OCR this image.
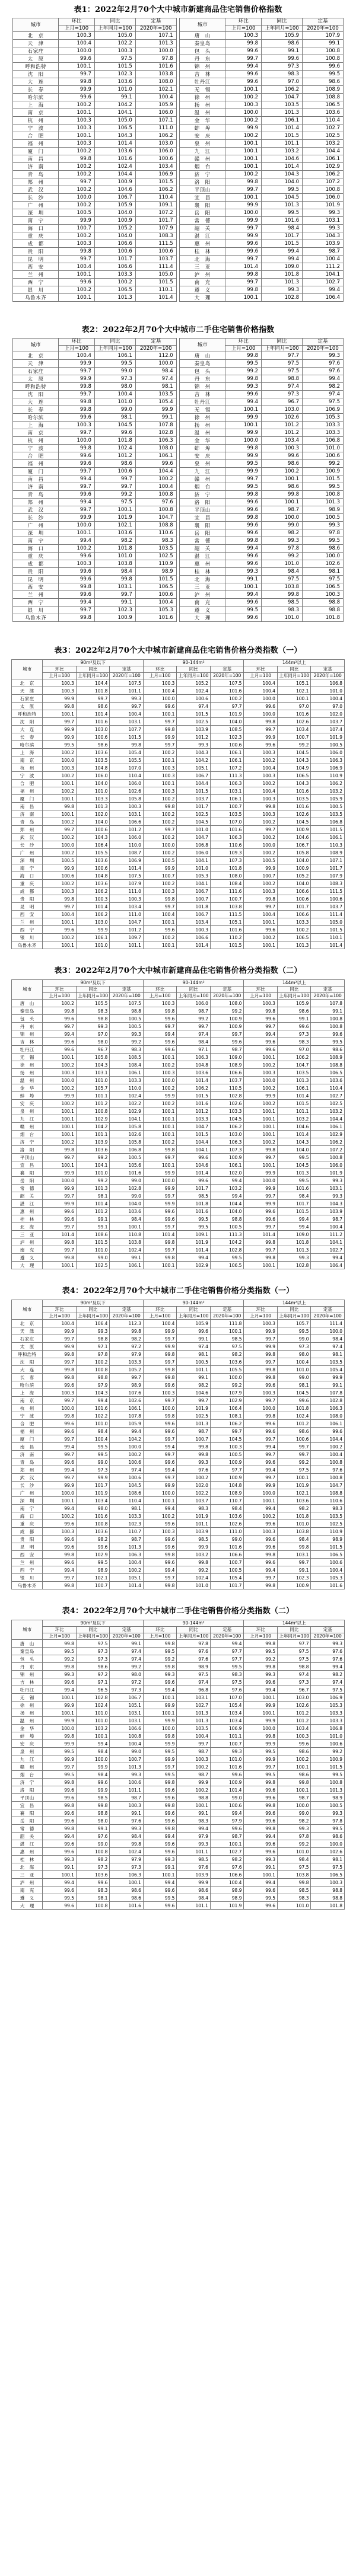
表1：2022年2月70个大中城市新建商品住宅销售价格指数
城市	环比	同比	定基		城市	环比	同比	定基
	上月=100	上年同月=100	2020年=100			上月=100	上年同月=100	2020年=100
北　京	100.3	105.0	107.1		唐　山	100.3	105.9	107.9
天　津	100.4	102.2	101.3		秦皇岛	99.8	98.6	99.1
石家庄	100.0	100.3	100.0		包　头	99.6	99.1	100.8
太　原	99.6	97.5	97.8		丹　东	99.7	99.6	100.8
呼和浩特	100.1	101.5	101.6		锦　州	99.4	97.3	99.6
沈　阳	99.7	102.3	103.8		吉　林	99.6	98.3	99.5
大　连	99.8	103.6	108.0		牡丹江	99.6	97.0	98.6
长　春	99.9	101.0	102.1		无　锡	100.1	106.2	108.9
哈尔滨	99.6	99.1	100.4		徐　州	100.2	104.7	108.8
上　海	100.2	104.2	105.9		扬　州	100.3	103.5	106.5
南　京	100.1	104.1	106.0		温　州	100.0	101.3	103.6
杭　州	100.3	105.0	107.1		金　华	100.2	106.1	110.4
宁　波	100.3	106.5	111.0		蚌　埠	99.9	101.4	102.7
合　肥	100.1	104.3	106.2		安　庆	100.2	101.5	102.5
福　州	100.3	101.4	103.0		泉　州	100.1	101.1	103.2
厦　门	100.2	103.6	106.0		九　江	100.1	103.2	104.4
南　昌	99.8	101.6	100.6		赣　州	100.1	104.6	106.1
济　南	100.2	102.4	103.4		烟　台	100.1	101.4	102.9
青　岛	100.2	104.4	106.9		济　宁	100.2	104.3	106.2
郑　州	99.7	100.9	101.5		洛　阳	99.8	104.0	107.2
武　汉	100.2	104.6	106.2		平顶山	99.7	99.5	100.8
长　沙	100.0	106.7	110.4		宜　昌	100.1	104.5	106.0
广　州	100.2	105.9	109.1		襄　阳	99.9	101.3	101.9
深　圳	100.5	104.0	107.2		岳　阳	100.0	99.5	99.3
南　宁	99.9	100.9	101.7		常　德	99.9	101.6	103.1
海　口	100.7	105.2	107.9		韶　关	99.7	98.4	99.3
重　庆	100.2	104.0	108.3		湛　江	99.9	101.7	104.3
成　都	100.3	106.6	111.5		惠　州	99.6	101.5	103.9
贵　阳	99.8	100.6	100.6		桂　林	99.6	99.4	98.7
昆　明	99.7	101.7	103.7		北　海	99.7	99.4	100.4
西　安	100.4	106.6	111.4		三　亚	101.4	109.0	111.2
兰　州	100.1	103.3	105.0		泸　州	99.8	101.8	104.1
西　宁	99.6	100.2	101.5		南　充	99.7	101.3	102.7
银　川	100.2	106.5	110.1		遵　义	99.8	99.3	99.4
乌鲁木齐	100.1	101.3	101.4		大　理	100.1	102.8	106.4
表2：2022年2月70个大中城市二手住宅销售价格指数
城市	环比	同比	定基		城市	环比	同比	定基
	上月=100	上年同月=100	2020年=100			上月=100	上年同月=100	2020年=100
北　京	100.4	106.1	112.0		唐　山	99.8	97.7	99.3
天　津	99.9	99.5	100.0		秦皇岛	99.5	97.5	97.6
石家庄	99.7	99.0	98.4		包　头	99.2	97.5	97.6
太　原	99.9	97.3	97.4		丹　东	99.8	98.8	99.4
呼和浩特	99.8	98.0	98.1		锦　州	99.3	97.4	98.2
沈　阳	99.7	100.4	103.5		吉　林	99.6	97.3	97.4
大　连	99.8	101.0	105.4		牡丹江	99.4	96.7	97.5
长　春	99.8	99.0	99.9		无　锡	100.1	103.0	106.9
哈尔滨	99.6	98.1	99.1		徐　州	99.9	102.6	105.3
上　海	100.3	104.5	107.8		扬　州	100.1	101.2	103.3
南　京	99.7	99.6	102.8		温　州	99.9	101.2	103.3
杭　州	100.0	101.8	106.3		金　华	100.0	103.4	106.8
宁　波	99.8	102.4	108.0		蚌　埠	99.8	100.3	101.0
合　肥	99.6	101.2	106.1		安　庆	99.9	99.6	100.6
福　州	99.6	98.6	99.6		泉　州	99.5	98.6	99.2
厦　门	99.7	100.6	104.4		九　江	99.9	100.2	100.9
南　昌	99.4	99.7	100.2		赣　州	99.7	100.1	101.5
济　南	99.7	99.7	100.4		烟　台	99.5	98.6	99.5
青　岛	99.6	99.2	100.8		济　宁	99.8	99.8	100.8
郑　州	99.4	97.5	97.6		洛　阳	99.6	100.1	101.3
武　汉	99.7	100.1	100.8		平顶山	99.6	98.7	98.9
长　沙	99.9	101.9	104.7		宜　昌	99.8	100.0	100.5
广　州	100.0	102.1	108.8		襄　阳	99.6	99.0	99.3
深　圳	100.1	103.6	110.6		岳　阳	99.6	98.2	97.8
南　宁	99.4	98.2	98.3		常　德	99.8	99.3	99.5
海　口	100.2	101.8	103.5		韶　关	99.4	97.8	98.6
重　庆	99.6	101.0	102.5		湛　江	99.6	99.2	100.0
成　都	100.3	103.8	110.9		惠　州	99.6	101.0	102.6
贵　阳	99.6	98.4	98.9		桂　林	99.3	98.4	98.1
昆　明	99.6	99.8	101.5		北　海	99.1	97.5	97.5
西　安	99.8	103.1	106.5		三　亚	100.1	103.8	106.5
兰　州	99.6	99.7	100.6		泸　州	99.4	99.8	100.3
西　宁	99.4	99.1	100.4		南　充	99.6	98.5	98.8
银　川	99.7	102.3	105.3		遵　义	99.5	98.3	98.8
乌鲁木齐	99.8	100.9	101.6		大　理	99.6	101.0	101.8
表3：2022年2月70个大中城市新建商品住宅销售价格分类指数（一）
城市	90m²及以下			90-144m²			144m²以上		
	环比	同比	定基	环比	同比	定基	环比	同比	定基
	上月=100	上年同月=100	2020年=100	上月=100	上年同月=100	2020年=100	上月=100	上年同月=100	2020年=100
北　京	100.3	104.4	107.5	100.3	105.2	107.5	100.4	105.1	106.8
天　津	100.3	101.8	101.1	100.4	102.4	101.6	100.4	102.1	101.0
石家庄	99.9	99.7	99.3	100.0	100.6	100.2	100.0	100.1	100.4
太　原	99.8	98.6	99.7	99.6	97.4	97.7	99.6	97.0	97.0
呼和浩特	100.1	101.4	100.4	100.1	101.5	101.9	100.0	101.6	102.0
沈　阳	99.7	101.6	103.1	99.7	102.5	104.0	99.8	102.6	103.7
大　连	99.9	103.0	107.7	99.8	103.9	108.5	99.7	103.4	107.4
长　春	99.9	100.6	101.5	99.9	101.2	102.3	99.9	100.7	101.9
哈尔滨	99.5	98.6	99.8	99.7	99.3	100.6	99.6	99.2	100.5
上　海	100.2	103.6	105.4	100.2	104.3	106.1	100.3	104.5	106.0
南　京	100.0	103.5	105.5	100.1	104.2	106.1	100.2	104.3	106.3
杭　州	100.3	104.8	107.0	100.3	105.1	107.2	100.4	104.9	106.9
宁　波	100.2	106.0	110.4	100.3	106.7	111.3	100.3	106.5	110.9
合　肥	100.1	104.0	106.0	100.1	104.4	106.3	100.2	104.3	106.2
福　州	100.2	101.0	102.6	100.3	101.5	103.1	100.4	101.6	103.2
厦　门	100.1	103.3	105.8	100.2	103.7	106.1	100.3	103.5	105.9
南　昌	99.8	101.3	100.3	99.8	101.7	100.7	99.8	101.6	100.5
济　南	100.1	102.0	103.1	100.2	102.5	103.5	100.3	102.6	103.5
青　岛	100.2	104.0	106.6	100.2	104.5	107.0	100.2	104.5	106.8
郑　州	99.7	100.6	101.2	99.7	101.0	101.6	99.7	100.9	101.5
武　汉	100.2	104.3	106.0	100.2	104.7	106.3	100.2	104.6	106.1
长　沙	100.0	106.4	110.0	100.0	106.8	110.6	100.0	106.7	110.3
广　州	100.2	105.5	108.7	100.2	106.0	109.3	100.2	105.8	108.9
深　圳	100.5	103.6	106.9	100.5	104.1	107.3	100.5	104.0	107.1
南　宁	99.9	100.6	101.4	99.9	101.0	101.8	99.9	100.9	101.7
海　口	100.6	104.8	107.5	100.7	105.3	108.0	100.7	105.2	107.9
重　庆	100.2	103.6	107.9	100.2	104.1	108.4	100.2	104.0	108.3
成　都	100.3	106.2	111.0	100.3	106.7	111.6	100.3	106.6	111.5
贵　阳	99.8	100.3	100.3	99.8	100.7	100.7	99.8	100.6	100.6
昆　明	99.7	101.4	103.4	99.7	101.8	103.8	99.7	101.7	103.7
西　安	100.4	106.2	111.0	100.4	106.7	111.5	100.4	106.6	111.4
兰　州	100.1	103.0	104.7	100.1	103.4	105.1	100.1	103.3	105.0
西　宁	99.6	99.9	101.2	99.6	100.3	101.6	99.6	100.2	101.5
银　川	100.2	106.1	109.7	100.2	106.6	110.2	100.2	106.5	110.1
乌鲁木齐	100.1	101.0	101.1	100.1	101.4	101.5	100.1	101.3	101.4
表3：2022年2月70个大中城市新建商品住宅销售价格分类指数（二）
城市	90m²及以下			90-144m²			144m²以上		
	环比	同比	定基	环比	同比	定基	环比	同比	定基
	上月=100	上年同月=100	2020年=100	上月=100	上年同月=100	2020年=100	上月=100	上年同月=100	2020年=100
唐　山	100.2	105.5	107.5	100.3	106.0	108.0	100.3	105.9	107.8
秦皇岛	99.8	98.3	98.8	99.8	98.7	99.2	99.8	98.6	99.1
包　头	99.6	98.8	100.5	99.6	99.2	100.9	99.6	99.1	100.8
丹　东	99.7	99.3	100.5	99.7	99.7	100.9	99.7	99.6	100.8
锦　州	99.4	97.0	99.3	99.4	97.4	99.7	99.4	97.3	99.6
吉　林	99.6	98.0	99.2	99.6	98.4	99.6	99.6	98.3	99.5
牡丹江	99.6	96.7	98.3	99.6	97.1	98.7	99.6	97.0	98.6
无　锡	100.1	105.8	108.5	100.1	106.3	109.0	100.1	106.2	108.9
徐　州	100.2	104.3	108.4	100.2	104.8	108.9	100.2	104.7	108.8
扬　州	100.3	103.1	106.1	100.3	103.6	106.6	100.3	103.5	106.5
温　州	100.0	101.0	103.3	100.0	101.4	103.7	100.0	101.3	103.6
金　华	100.2	105.7	110.0	100.2	106.2	110.5	100.2	106.1	110.4
蚌　埠	99.9	101.1	102.4	99.9	101.5	102.8	99.9	101.4	102.7
安　庆	100.2	101.2	102.2	100.2	101.6	102.6	100.2	101.5	102.5
泉　州	100.1	100.8	102.9	100.1	101.2	103.3	100.1	101.1	103.2
九　江	100.1	102.9	104.1	100.1	103.3	104.5	100.1	103.2	104.4
赣　州	100.1	104.2	105.8	100.1	104.7	106.2	100.1	104.6	106.1
烟　台	100.1	101.1	102.6	100.1	101.5	103.0	100.1	101.4	102.9
济　宁	100.2	103.9	105.8	100.2	104.4	106.3	100.2	104.3	106.2
洛　阳	99.8	103.6	106.8	99.8	104.1	107.3	99.8	104.0	107.2
平顶山	99.7	99.2	100.5	99.7	99.6	100.9	99.7	99.5	100.8
宜　昌	100.1	104.1	105.6	100.1	104.6	106.1	100.1	104.5	106.0
襄　阳	99.9	101.0	101.6	99.9	101.4	102.0	99.9	101.3	101.9
岳　阳	100.0	99.2	99.0	100.0	99.6	99.4	100.0	99.5	99.3
常　德	99.9	101.3	102.8	99.9	101.7	103.2	99.9	101.6	103.1
韶　关	99.7	98.1	99.0	99.7	98.5	99.4	99.7	98.4	99.3
湛　江	99.9	101.4	104.0	99.9	101.8	104.4	99.9	101.7	104.3
惠　州	99.6	101.2	103.6	99.6	101.6	104.0	99.6	101.5	103.9
桂　林	99.6	99.1	98.4	99.6	99.5	98.8	99.6	99.4	98.7
北　海	99.7	99.1	100.1	99.7	99.5	100.5	99.7	99.4	100.4
三　亚	101.4	108.6	110.8	101.4	109.1	111.3	101.4	109.0	111.2
泸　州	99.8	101.5	103.8	99.8	101.9	104.2	99.8	101.8	104.1
南　充	99.7	101.0	102.4	99.7	101.4	102.8	99.7	101.3	102.7
遵　义	99.8	99.0	99.1	99.8	99.4	99.5	99.8	99.3	99.4
大　理	100.1	102.5	106.1	100.1	102.9	106.5	100.1	102.8	106.4
表4：2022年2月70个大中城市二手住宅销售价格分类指数（一）
城市	90m²及以下			90-144m²			144m²以上		
	环比	同比	定基	环比	同比	定基	环比	同比	定基
	上月=100	上年同月=100	2020年=100	上月=100	上年同月=100	2020年=100	上月=100	上年同月=100	2020年=100
北　京	100.4	106.4	112.3	100.4	105.9	111.8	100.3	105.7	111.4
天　津	99.9	99.3	99.8	99.9	99.6	100.1	99.9	99.5	100.0
石家庄	99.7	98.8	98.2	99.7	99.1	98.5	99.7	99.0	98.4
太　原	99.9	97.1	97.2	99.9	97.4	97.5	99.9	97.3	97.4
呼和浩特	99.8	97.8	97.9	99.8	98.1	98.2	99.8	98.0	98.1
沈　阳	99.7	100.2	103.3	99.7	100.5	103.6	99.7	100.4	103.5
大　连	99.8	100.8	105.2	99.8	101.1	105.5	99.8	101.0	105.4
长　春	99.8	98.8	99.7	99.8	99.1	100.0	99.8	99.0	99.9
哈尔滨	99.6	97.9	98.9	99.6	98.2	99.2	99.6	98.1	99.1
上　海	100.3	104.3	107.6	100.3	104.6	107.9	100.3	104.5	107.8
南　京	99.7	99.4	102.6	99.7	99.7	102.9	99.7	99.6	102.8
杭　州	100.0	101.6	106.1	100.0	101.9	106.4	100.0	101.8	106.3
宁　波	99.8	102.2	107.8	99.8	102.5	108.1	99.8	102.4	108.0
合　肥	99.6	101.0	105.9	99.6	101.3	106.2	99.6	101.2	106.1
福　州	99.6	98.4	99.4	99.6	98.7	99.7	99.6	98.6	99.6
厦　门	99.7	100.4	104.2	99.7	100.7	104.5	99.7	100.6	104.4
南　昌	99.4	99.5	100.0	99.4	99.8	100.3	99.4	99.7	100.2
济　南	99.7	99.5	100.2	99.7	99.8	100.5	99.7	99.7	100.4
青　岛	99.6	99.0	100.6	99.6	99.3	100.9	99.6	99.2	100.8
郑　州	99.4	97.3	97.4	99.4	97.6	97.7	99.4	97.5	97.6
武　汉	99.7	99.9	100.6	99.7	100.2	100.9	99.7	100.1	100.8
长　沙	99.9	101.7	104.5	99.9	102.0	104.8	99.9	101.9	104.7
广　州	100.0	101.9	108.6	100.0	102.2	108.9	100.0	102.1	108.8
深　圳	100.1	103.4	110.4	100.1	103.7	110.7	100.1	103.6	110.6
南　宁	99.4	98.0	98.1	99.4	98.3	98.4	99.4	98.2	98.3
海　口	100.2	101.6	103.3	100.2	101.9	103.6	100.2	101.8	103.5
重　庆	99.6	100.8	102.3	99.6	101.1	102.6	99.6	101.0	102.5
成　都	100.3	103.6	110.7	100.3	103.9	111.0	100.3	103.8	110.9
贵　阳	99.6	98.2	98.7	99.6	98.5	99.0	99.6	98.4	98.9
昆　明	99.6	99.6	101.3	99.6	99.9	101.6	99.6	99.8	101.5
西　安	99.8	102.9	106.3	99.8	103.2	106.6	99.8	103.1	106.5
兰　州	99.6	99.5	100.4	99.6	99.8	100.7	99.6	99.7	100.6
西　宁	99.4	98.9	100.2	99.4	99.2	100.5	99.4	99.1	100.4
银　川	99.7	102.1	105.1	99.7	102.4	105.4	99.7	102.3	105.3
乌鲁木齐	99.8	100.7	101.4	99.8	101.0	101.7	99.8	100.9	101.6
表4：2022年2月70个大中城市二手住宅销售价格分类指数（二）
城市	90m²及以下			90-144m²			144m²以上		
	环比	同比	定基	环比	同比	定基	环比	同比	定基
	上月=100	上年同月=100	2020年=100	上月=100	上年同月=100	2020年=100	上月=100	上年同月=100	2020年=100
唐　山	99.8	97.5	99.1	99.8	97.8	99.4	99.8	97.7	99.3
秦皇岛	99.5	97.3	97.4	99.5	97.6	97.7	99.5	97.5	97.6
包　头	99.2	97.3	97.4	99.2	97.6	97.7	99.2	97.5	97.6
丹　东	99.8	98.6	99.2	99.8	98.9	99.5	99.8	98.8	99.4
锦　州	99.3	97.2	98.0	99.3	97.5	98.3	99.3	97.4	98.2
吉　林	99.6	97.1	97.2	99.6	97.4	97.5	99.6	97.3	97.4
牡丹江	99.4	96.5	97.3	99.4	96.8	97.6	99.4	96.7	97.5
无　锡	100.1	102.8	106.7	100.1	103.1	107.0	100.1	103.0	106.9
徐　州	99.9	102.4	105.1	99.9	102.7	105.4	99.9	102.6	105.3
扬　州	100.1	101.0	103.1	100.1	101.3	103.4	100.1	101.2	103.3
温　州	99.9	101.0	103.1	99.9	101.3	103.4	99.9	101.2	103.3
金　华	100.0	103.2	106.6	100.0	103.5	106.9	100.0	103.4	106.8
蚌　埠	99.8	100.1	100.8	99.8	100.4	101.1	99.8	100.3	101.0
安　庆	99.9	99.4	100.4	99.9	99.7	100.7	99.9	99.6	100.6
泉　州	99.5	98.4	99.0	99.5	98.7	99.3	99.5	98.6	99.2
九　江	99.9	100.0	100.7	99.9	100.3	101.0	99.9	100.2	100.9
赣　州	99.7	99.9	101.3	99.7	100.2	101.6	99.7	100.1	101.5
烟　台	99.5	98.4	99.3	99.5	98.7	99.6	99.5	98.6	99.5
济　宁	99.8	99.6	100.6	99.8	99.9	100.9	99.8	99.8	100.8
洛　阳	99.6	99.9	101.1	99.6	100.2	101.4	99.6	100.1	101.3
平顶山	99.6	98.5	98.7	99.6	98.8	99.0	99.6	98.7	98.9
宜　昌	99.8	99.8	100.3	99.8	100.1	100.6	99.8	100.0	100.5
襄　阳	99.6	98.8	99.1	99.6	99.1	99.4	99.6	99.0	99.3
岳　阳	99.6	98.0	97.6	99.6	98.3	97.9	99.6	98.2	97.8
常　德	99.8	99.1	99.3	99.8	99.4	99.6	99.8	99.3	99.5
韶　关	99.4	97.6	98.4	99.4	97.9	98.7	99.4	97.8	98.6
湛　江	99.6	99.0	99.8	99.6	99.3	100.1	99.6	99.2	100.0
惠　州	99.6	100.8	102.4	99.6	101.1	102.7	99.6	101.0	102.6
桂　林	99.3	98.2	97.9	99.3	98.5	98.2	99.3	98.4	98.1
北　海	99.1	97.3	97.3	99.1	97.6	97.6	99.1	97.5	97.5
三　亚	100.1	103.6	106.3	100.1	103.9	106.6	100.1	103.8	106.5
泸　州	99.4	99.6	100.1	99.4	99.9	100.4	99.4	99.8	100.3
南　充	99.6	98.3	98.6	99.6	98.6	98.9	99.6	98.5	98.8
遵　义	99.5	98.1	98.6	99.5	98.4	98.9	99.5	98.3	98.8
大　理	99.6	100.8	101.6	99.6	101.1	101.9	99.6	101.0	101.8
